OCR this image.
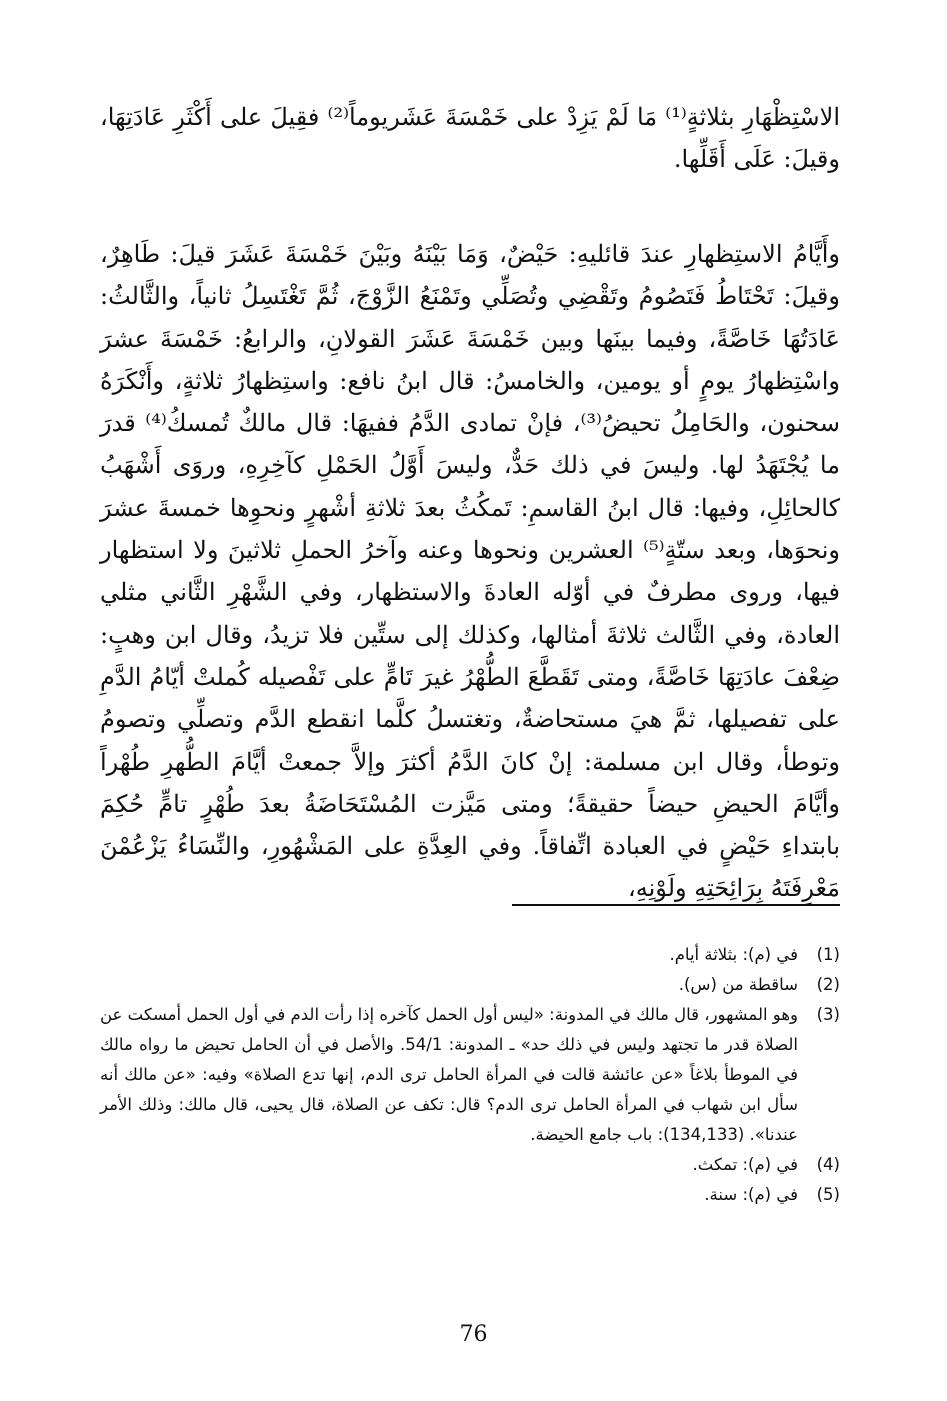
الاسْتِظْهَارِ بثلاثةٍ⁽¹⁾ مَا لَمْ يَزِدْ على خَمْسَةَ عَشَريوماً⁽²⁾ فقِيلَ على أَكْثَرِ عَادَتِهَا، وقيلَ: عَلَى أَقَلِّها.

وأَيَّامُ الاستِظهارِ عندَ قائليهِ: حَيْضٌ، وَمَا بَيْنَهُ وبَيْنَ خَمْسَةَ عَشَرَ قيلَ: طَاهِرٌ، وقيلَ: تَحْتَاطُ فَتَصُومُ وتَقْضِي وتُصَلِّي وتَمْنَعُ الزَّوْجَ، ثُمَّ تَغْتَسِلُ ثانياً، والثَّالثُ: عَادَتُهَا خَاصَّةً، وفيما بينَها وبين خَمْسَةَ عَشَرَ القولانِ، والرابعُ: خَمْسَةَ عشرَ واسْتِظهارُ يومٍ أو يومين، والخامسُ: قال ابنُ نافع: واستِظهارُ ثلاثةٍ، وأَنْكَرَهُ سحنون، والحَامِلُ تحيضُ⁽³⁾، فإنْ تمادى الدَّمُ ففيهَا: قال مالكٌ تُمسكُ⁽⁴⁾ قدرَ ما يُجْتَهَدُ لها. وليسَ في ذلك حَدٌّ، وليسَ أَوَّلُ الحَمْلِ كآخِرِهِ، وروَى أَشْهَبُ كالحائِلِ، وفيها: قال ابنُ القاسمِ: تَمكُثُ بعدَ ثلاثةِ أشْهرٍ ونحوِها خمسةَ عشرَ ونحوَها، وبعد ستّةٍ⁽⁵⁾ العشرين ونحوها وعنه وآخرُ الحملِ ثلاثينَ ولا استظهار فيها، وروى مطرفٌ في أوّله العادةَ والاستظهار، وفي الشَّهْرِ الثَّاني مثلي العادة، وفي الثَّالث ثلاثةَ أمثالها، وكذلك إلى ستِّين فلا تزيدُ، وقال ابن وهبٍ: ضِعْفَ عادَتِهَا خَاصَّةً، ومتى تَقَطَّعَ الطُّهْرُ غيرَ تَامٍّ على تَفْصيله كُملتْ أيّامُ الدَّمِ على تفصيلها، ثمَّ هيَ مستحاضةٌ، وتغتسلُ كلَّما انقطع الدَّم وتصلِّي وتصومُ وتوطأ، وقال ابن مسلمة: إنْ كانَ الدَّمُ أكثرَ وإلاَّ جمعتْ أيَّامَ الطُّهرِ طُهْراً وأيَّامَ الحيضِ حيضاً حقيقةً؛ ومتى مَيَّزت المُسْتَحَاضَةُ بعدَ طُهْرٍ تامٍّ حُكِمَ بابتداءِ حَيْضٍ في العبادة اتِّفاقاً. وفي العِدَّةِ على المَشْهُورِ، والنِّسَاءُ يَزْعُمْنَ مَعْرِفَتَهُ بِرَائِحَتِهِ ولَوْنِهِ،

(1)
في (م): بثلاثة أيام.
(2)
ساقطة من (س).
(3)
وهو المشهور، قال مالك في المدونة: «ليس أول الحمل كآخره إذا رأت الدم في أول الحمل أمسكت عن الصلاة قدر ما تجتهد وليس في ذلك حد» ـ المدونة: 54/1. والأصل في أن الحامل تحيض ما رواه مالك في الموطأ بلاغاً «عن عائشة قالت في المرأة الحامل ترى الدم، إنها تدع الصلاة» وفيه: «عن مالك أنه سأل ابن شهاب في المرأة الحامل ترى الدم؟ قال: تكف عن الصلاة، قال يحيى، قال مالك: وذلك الأمر عندنا». (134,133): باب جامع الحيضة.
(4)
في (م): تمكث.
(5)
في (م): سنة.
76
